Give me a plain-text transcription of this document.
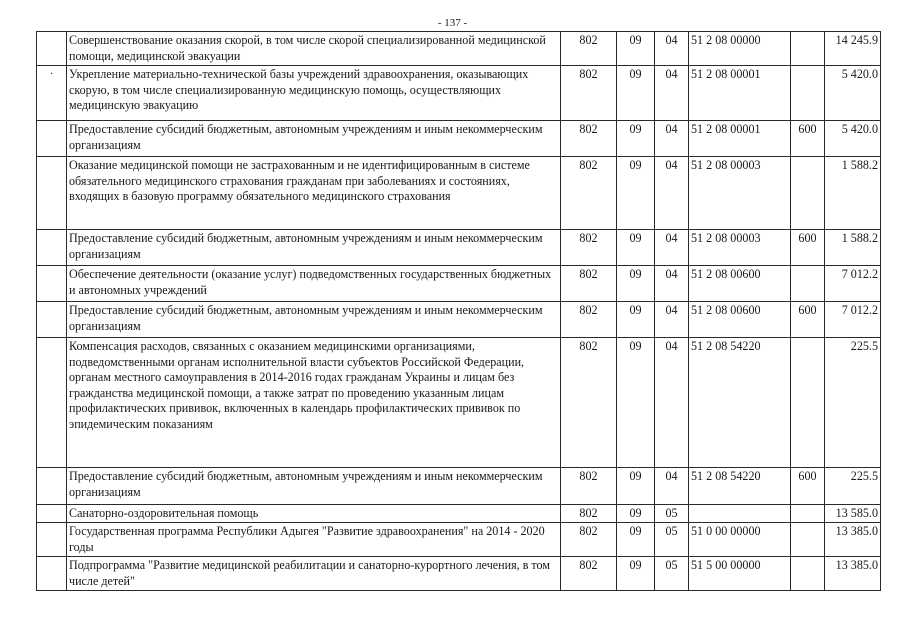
- 137 -
	Совершенствование оказания скорой, в том числе скорой специализированной медицинской помощи, медицинской эвакуации	802	09	04	51 2 08 00000		14 245.9
·	Укрепление материально-технической базы учреждений здравоохранения, оказывающих скорую, в том числе специализированную медицинскую помощь, осуществляющих медицинскую эвакуацию	802	09	04	51 2 08 00001		5 420.0
	Предоставление субсидий бюджетным, автономным учреждениям и иным некоммерческим организациям	802	09	04	51 2 08 00001	600	5 420.0
	Оказание медицинской помощи не застрахованным и не идентифицированным в системе обязательного медицинского страхования гражданам при заболеваниях и состояниях, входящих в базовую программу обязательного медицинского страхования	802	09	04	51 2 08 00003		1 588.2
	Предоставление субсидий бюджетным, автономным учреждениям и иным некоммерческим организациям	802	09	04	51 2 08 00003	600	1 588.2
	Обеспечение деятельности (оказание услуг) подведомственных государственных бюджетных и автономных учреждений	802	09	04	51 2 08 00600		7 012.2
	Предоставление субсидий бюджетным, автономным учреждениям и иным некоммерческим организациям	802	09	04	51 2 08 00600	600	7 012.2
	Компенсация расходов, связанных с оказанием медицинскими организациями, подведомственными органам исполнительной власти субъектов Российской Федерации, органам местного самоуправления в 2014-2016 годах гражданам Украины и лицам без гражданства медицинской помощи, а также затрат по проведению указанным лицам профилактических прививок, включенных в календарь профилактических прививок по эпидемическим показаниям	802	09	04	51 2 08 54220		225.5
	Предоставление субсидий бюджетным, автономным учреждениям и иным некоммерческим организациям	802	09	04	51 2 08 54220	600	225.5
	Санаторно-оздоровительная помощь	802	09	05			13 585.0
	Государственная программа Республики Адыгея "Развитие здравоохранения" на 2014 - 2020 годы	802	09	05	51 0 00 00000		13 385.0
	Подпрограмма "Развитие медицинской реабилитации и санаторно-курортного лечения, в том числе детей"	802	09	05	51 5 00 00000		13 385.0
